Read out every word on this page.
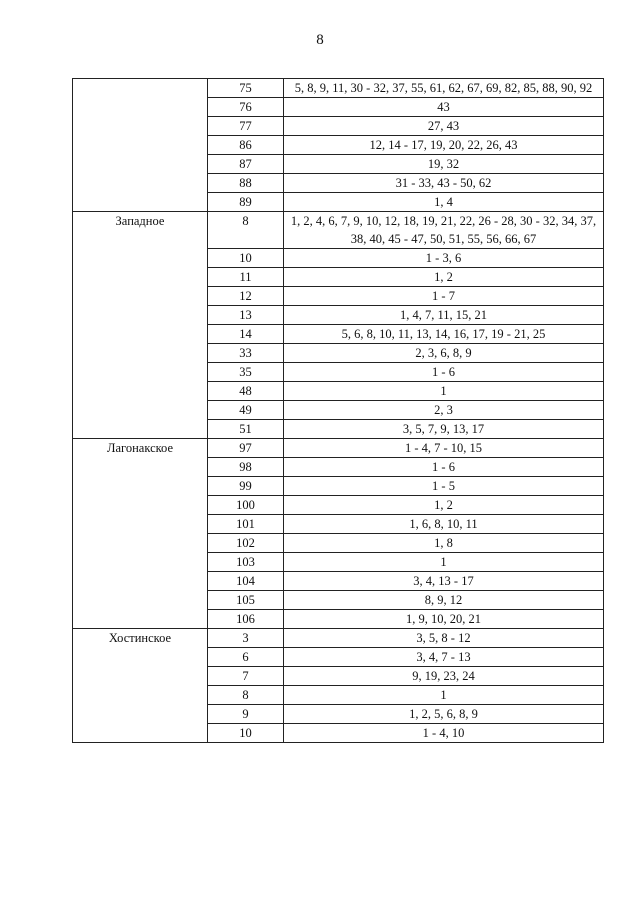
8
	75	5, 8, 9, 11, 30 - 32, 37, 55, 61, 62, 67, 69, 82, 85, 88, 90, 92
	76	43
	77	27, 43
	86	12, 14 - 17, 19, 20, 22, 26, 43
	87	19, 32
	88	31 - 33, 43 - 50, 62
	89	1, 4
Западное	8	1, 2, 4, 6, 7, 9, 10, 12, 18, 19, 21, 22, 26 - 28, 30 - 32, 34, 37, 38, 40, 45 - 47, 50, 51, 55, 56, 66, 67
	10	1 - 3, 6
	11	1, 2
	12	1 - 7
	13	1, 4, 7, 11, 15, 21
	14	5, 6, 8, 10, 11, 13, 14, 16, 17, 19 - 21, 25
	33	2, 3, 6, 8, 9
	35	1 - 6
	48	1
	49	2, 3
	51	3, 5, 7, 9, 13, 17
Лагонакское	97	1 - 4, 7 - 10, 15
	98	1 - 6
	99	1 - 5
	100	1, 2
	101	1, 6, 8, 10, 11
	102	1, 8
	103	1
	104	3, 4, 13 - 17
	105	8, 9, 12
	106	1, 9, 10, 20, 21
Хостинское	3	3, 5, 8 - 12
	6	3, 4, 7 - 13
	7	9, 19, 23, 24
	8	1
	9	1, 2, 5, 6, 8, 9
	10	1 - 4, 10
